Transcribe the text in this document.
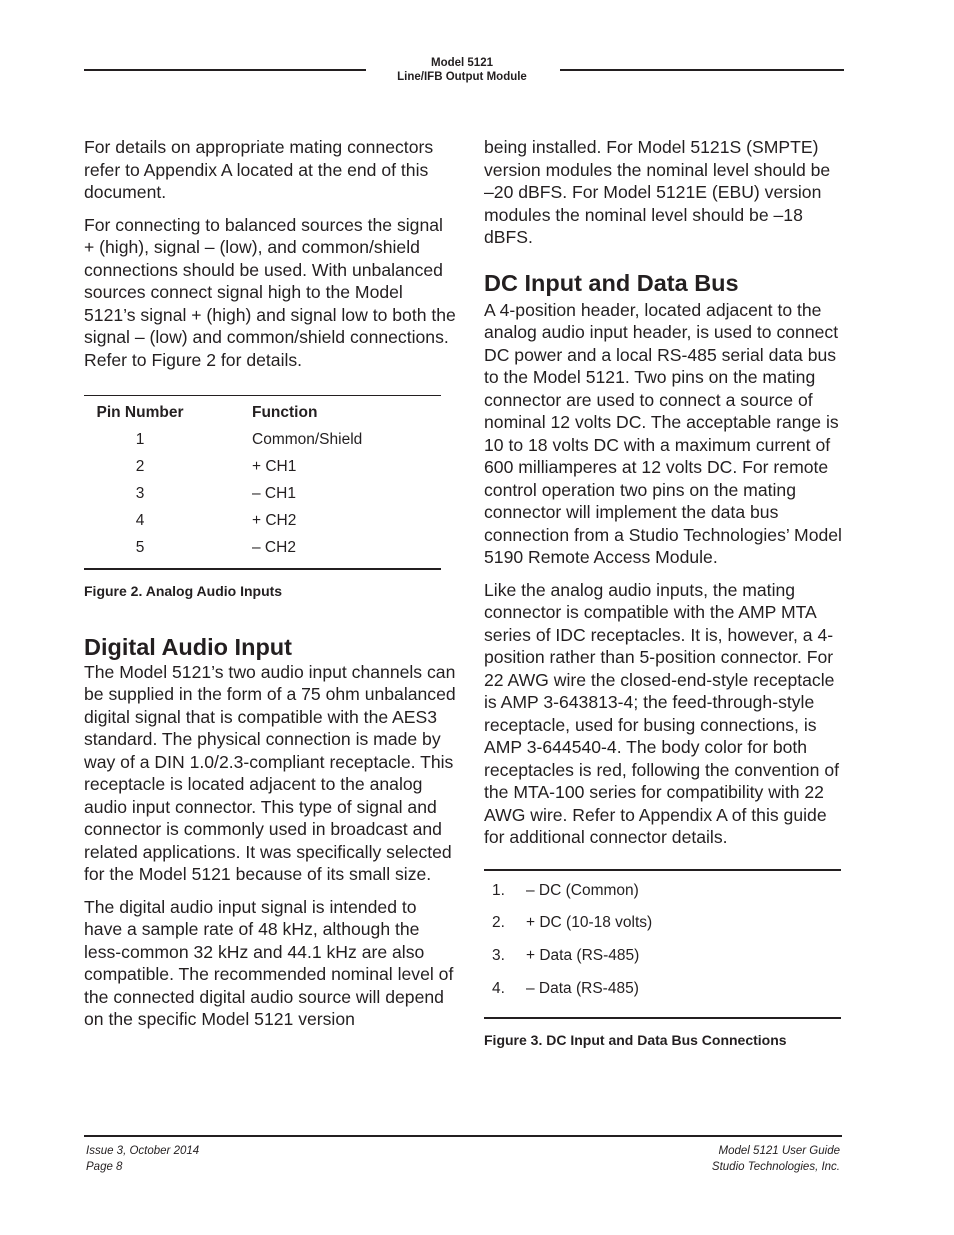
Model 5121
Line/IFB Output Module

For details on appropriate mating connectors refer to Appendix A located at the end of this document.

For connecting to balanced sources the signal + (high), signal – (low), and common/shield connections should be used. With unbalanced sources connect signal high to the Model 5121’s signal + (high) and signal low to both the signal – (low) and common/shield connections. Refer to Figure 2 for details.

Pin Number	Function
1	Common/Shield
2	+ CH1
3	– CH1
4	+ CH2
5	– CH2
Figure 2. Analog Audio Inputs
Digital Audio Input

The Model 5121’s two audio input channels can be supplied in the form of a 75 ohm unbalanced digital signal that is compatible with the AES3 standard. The physical connection is made by way of a DIN 1.0/2.3-compliant receptacle. This receptacle is located adjacent to the analog audio input connector. This type of signal and connector is commonly used in broadcast and related applications. It was specifically selected for the Model 5121 because of its small size.

The digital audio input signal is intended to have a sample rate of 48 kHz, although the less-common 32 kHz and 44.1 kHz are also compatible. The recommended nominal level of the connected digital audio source will depend on the specific Model 5121 version

being installed. For Model 5121S (SMPTE) version modules the nominal level should be –20 dBFS. For Model 5121E (EBU) version modules the nominal level should be –18 dBFS.

DC Input and Data Bus

A 4-position header, located adjacent to the analog audio input header, is used to connect DC power and a local RS-485 serial data bus to the Model 5121. Two pins on the mating connector are used to connect a source of nominal 12 volts DC. The acceptable range is 10 to 18 volts DC with a maximum current of 600 milliamperes at 12 volts DC. For remote control operation two pins on the mating connector will implement the data bus connection from a Studio Technologies’ Model 5190 Remote Access Module.

Like the analog audio inputs, the mating connector is compatible with the AMP MTA series of IDC receptacles. It is, however, a 4-position rather than 5-position connector. For 22 AWG wire the closed-end-style receptacle is AMP 3-643813-4; the feed-through-style receptacle, used for busing connections, is AMP 3-644540-4. The body color for both receptacles is red, following the convention of the MTA-100 series for compatibility with 22 AWG wire. Refer to Appendix A of this guide for additional connector details.

1.	– DC (Common)
2.	+ DC (10-18 volts)
3.	+ Data (RS-485)
4.	– Data (RS-485)
Figure 3. DC Input and Data Bus Connections
Issue 3, October 2014
Page 8
Model 5121 User Guide
Studio Technologies, Inc.
